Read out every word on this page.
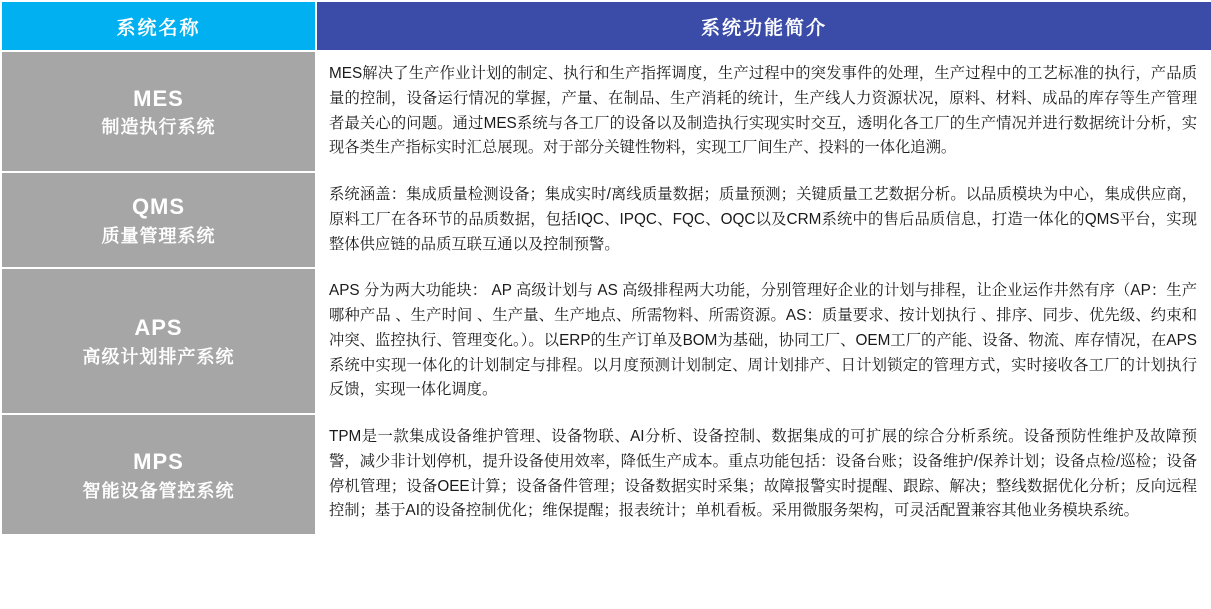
系统名称	系统功能简介

MES
制造执行系统	MES解决了生产作业计划的制定、执行和生产指挥调度，生产过程中的突发事件的处理，生产过程中的工艺标准的执行，产品质量的控制，设备运行情况的掌握，产量、在制品、生产消耗的统计，生产线人力资源状况，原料、材料、成品的库存等生产管理者最关心的问题。通过MES系统与各工厂的设备以及制造执行实现实时交互，透明化各工厂的生产情况并进行数据统计分析，实现各类生产指标实时汇总展现。对于部分关键性物料，实现工厂间生产、投料的一体化追溯。

QMS
质量管理系统	系统涵盖：集成质量检测设备；集成实时/离线质量数据；质量预测；关键质量工艺数据分析。以品质模块为中心，集成供应商，原料工厂在各环节的品质数据，包括IQC、IPQC、FQC、OQC以及CRM系统中的售后品质信息，打造一体化的QMS平台，实现整体供应链的品质互联互通以及控制预警。

APS
高级计划排产系统	APS 分为两大功能块： AP 高级计划与 AS 高级排程两大功能，分别管理好企业的计划与排程，让企业运作井然有序（AP：生产哪种产品 、生产时间 、生产量、生产地点、所需物料、所需资源。AS：质量要求、按计划执行 、排序、同步、优先级、约束和冲突、监控执行、管理变化。）。以ERP的生产订单及BOM为基础，协同工厂、OEM工厂的产能、设备、物流、库存情况，在APS系统中实现一体化的计划制定与排程。以月度预测计划制定、周计划排产、日计划锁定的管理方式，实时接收各工厂的计划执行反馈，实现一体化调度。

MPS
智能设备管控系统	TPM是一款集成设备维护管理、设备物联、AI分析、设备控制、数据集成的可扩展的综合分析系统。设备预防性维护及故障预警，减少非计划停机，提升设备使用效率，降低生产成本。重点功能包括：设备台账；设备维护/保养计划；设备点检/巡检；设备停机管理；设备OEE计算；设备备件管理；设备数据实时采集；故障报警实时提醒、跟踪、解决；整线数据优化分析；反向远程控制；基于AI的设备控制优化；维保提醒；报表统计；单机看板。采用微服务架构，可灵活配置兼容其他业务模块系统。
